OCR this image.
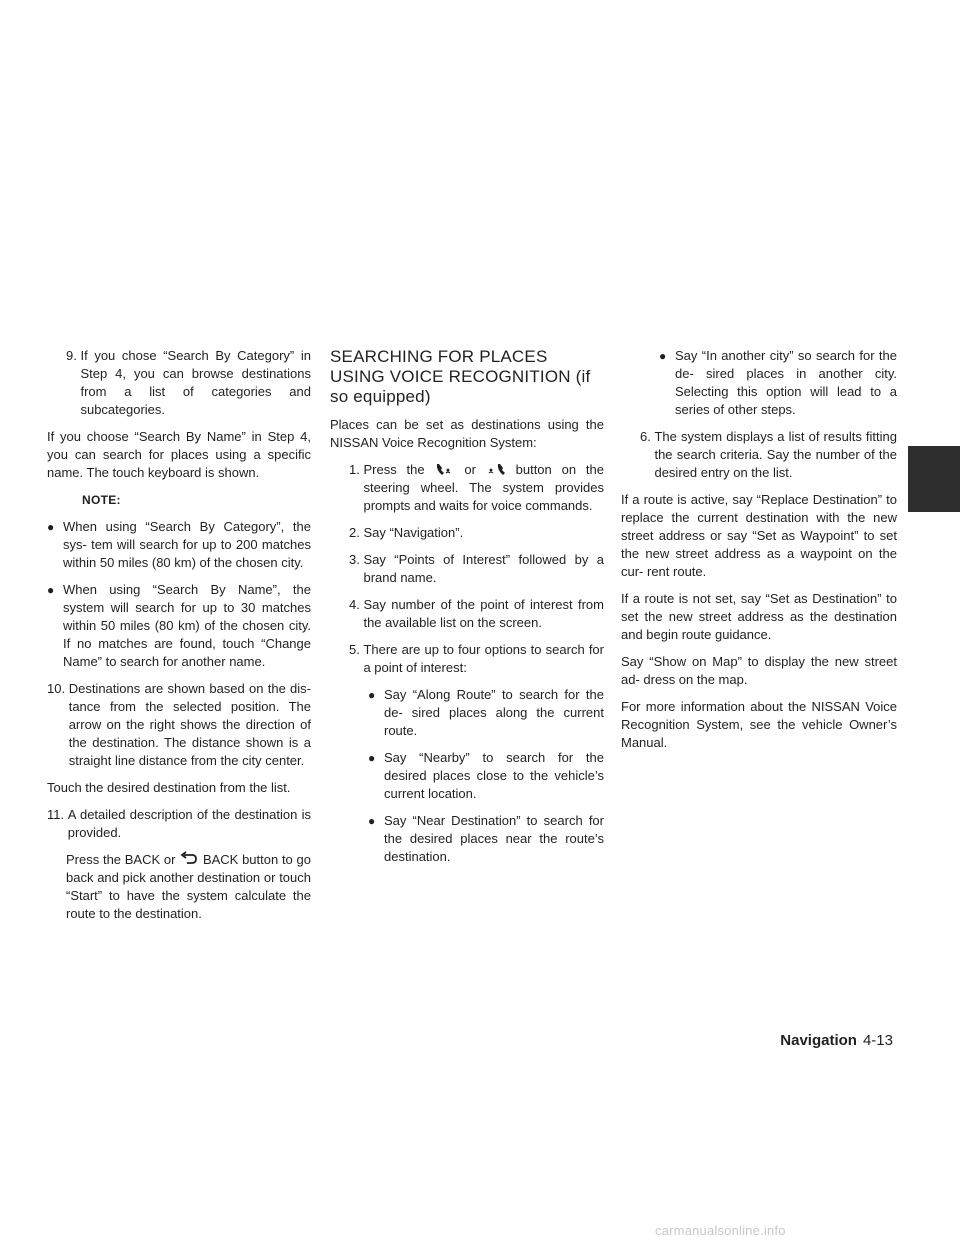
9.
If you chose “Search By Category” in Step 4, you can browse destinations from a list of categories and subcategories.

If you choose “Search By Name” in Step 4, you can search for places using a specific name. The touch keyboard is shown.

NOTE:
● When using “Search By Category”, the sys- tem will search for up to 200 matches within 50 miles (80 km) of the chosen city.
● When using “Search By Name”, the system will search for up to 30 matches within 50 miles (80 km) of the chosen city. If no matches are found, touch “Change Name” to search for another name.
10.
Destinations are shown based on the dis- tance from the selected position. The arrow on the right shows the direction of the destination. The distance shown is a straight line distance from the city center.

Touch the desired destination from the list.

11.
A detailed description of the destination is provided.

Press the BACK or BACK button to go back and pick another destination or touch “Start” to have the system calculate the route to the destination.

SEARCHING FOR PLACES USING VOICE RECOGNITION (if so equipped)

Places can be set as destinations using the NISSAN Voice Recognition System:

1.
Press the	or	button on the steering wheel. The system provides prompts and waits for voice commands.
2.
Say “Navigation”.
3.
Say “Points of Interest” followed by a brand name.
4.
Say number of the point of interest from the available list on the screen.
5.
There are up to four options to search for a point of interest:
● Say “Along Route” to search for the de- sired places along the current route.
● Say “Nearby” to search for the desired places close to the vehicle’s current location.
● Say “Near Destination” to search for the desired places near the route’s destination.
● Say “In another city” so search for the de- sired places in another city. Selecting this option will lead to a series of other steps.
6.
The system displays a list of results fitting the search criteria. Say the number of the desired entry on the list.

If a route is active, say “Replace Destination” to replace the current destination with the new street address or say “Set as Waypoint” to set the new street address as a waypoint on the cur- rent route.

If a route is not set, say “Set as Destination” to set the new street address as the destination and begin route guidance.

Say “Show on Map” to display the new street ad- dress on the map.

For more information about the NISSAN Voice Recognition System, see the vehicle Owner’s Manual.

Navigation 4-13
carmanualsonline.info
